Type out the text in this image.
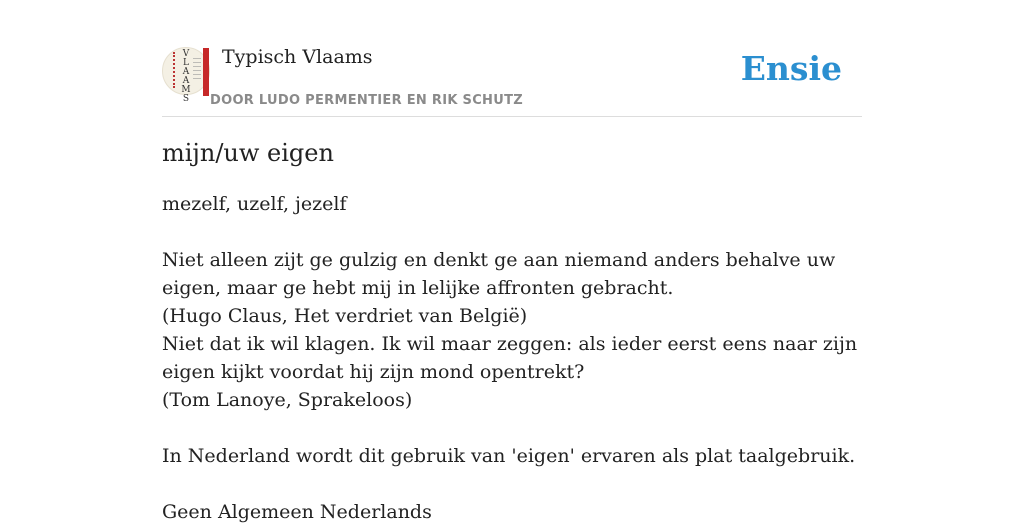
V
L
A
A
M
S
Typisch Vlaams
DOOR LUDO PERMENTIER EN RIK SCHUTZ
Ensie
mijn/uw eigen

mezelf, uzelf, jezelf

Niet alleen zijt ge gulzig en denkt ge aan niemand anders behalve uw eigen, maar ge hebt mij in lelijke affronten gebracht.

(Hugo Claus, Het verdriet van België)

Niet dat ik wil klagen. Ik wil maar zeggen: als ieder eerst eens naar zijn eigen kijkt voordat hij zijn mond opentrekt?

(Tom Lanoye, Sprakeloos)

In Nederland wordt dit gebruik van 'eigen' ervaren als plat taalgebruik.

Geen Algemeen Nederlands
